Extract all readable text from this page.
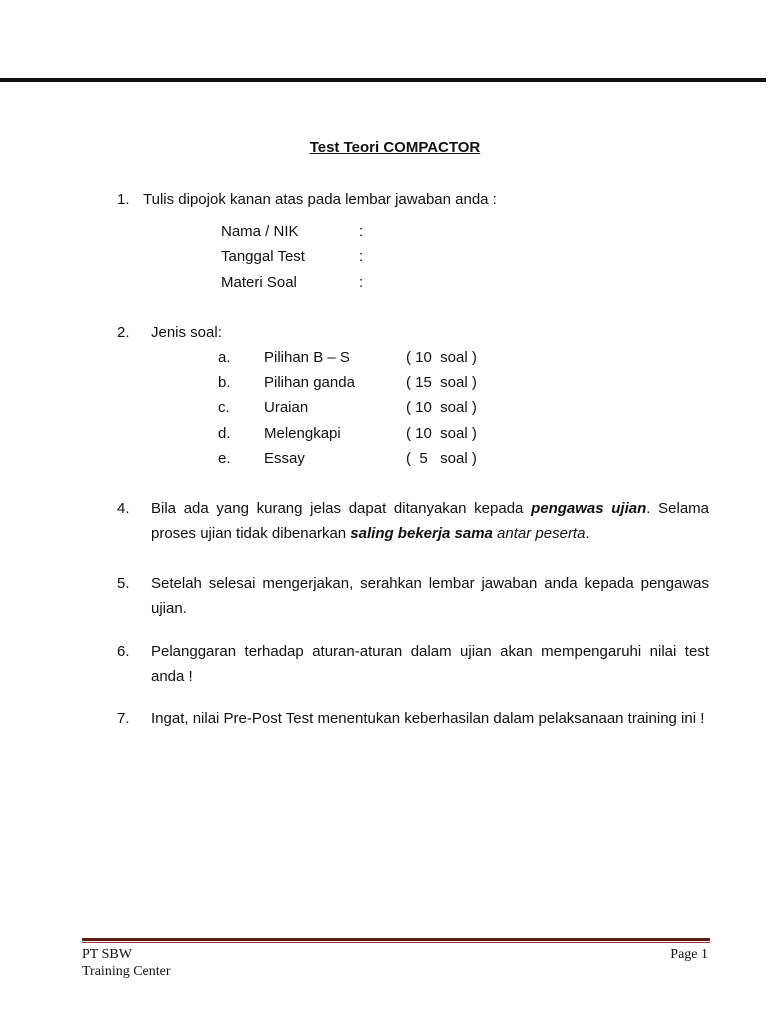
Test Teori COMPACTOR
1. Tulis dipojok kanan atas pada lembar jawaban anda :
Nama / NIK	:
Tanggal Test	:
Materi Soal	:
2. Jenis soal:
a. Pilihan B – S	( 10  soal )
b. Pilihan ganda	( 15  soal )
c. Uraian	( 10  soal )
d. Melengkapi	( 10  soal )
e. Essay	(  5   soal )
4. Bila ada yang kurang jelas dapat ditanyakan kepada pengawas ujian. Selama proses ujian tidak dibenarkan saling bekerja sama antar peserta.
5. Setelah selesai mengerjakan, serahkan lembar jawaban anda kepada pengawas ujian.
6. Pelanggaran terhadap aturan-aturan dalam ujian akan mempengaruhi nilai test anda !
7. Ingat, nilai Pre-Post Test menentukan keberhasilan dalam pelaksanaan training ini !
PT SBW
Training Center
Page 1
